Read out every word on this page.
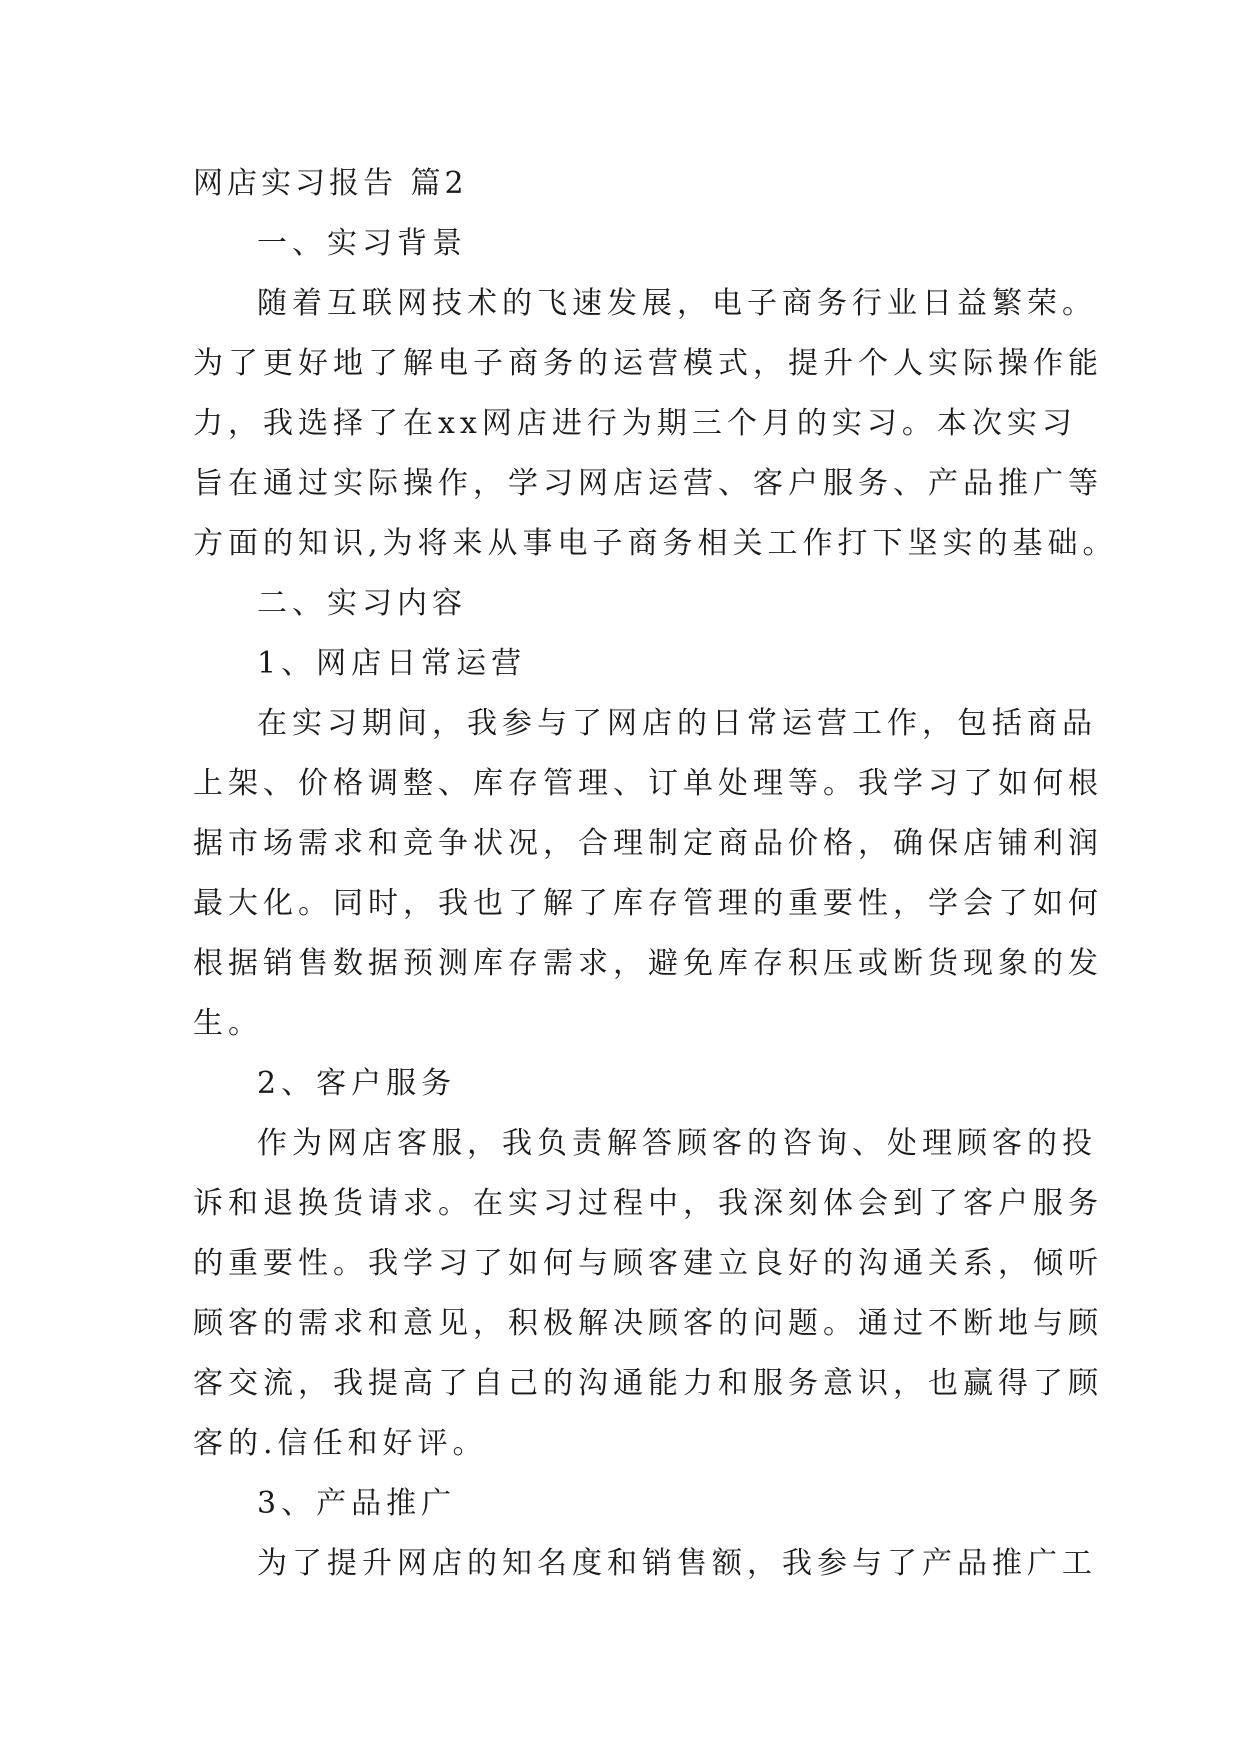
网店实习报告 篇2
一、实习背景
随着互联网技术的飞速发展，电子商务行业日益繁荣。
为了更好地了解电子商务的运营模式，提升个人实际操作能
力，我选择了在xx网店进行为期三个月的实习。本次实习
旨在通过实际操作，学习网店运营、客户服务、产品推广等
方面的知识,为将来从事电子商务相关工作打下坚实的基础。
二、实习内容
1、网店日常运营
在实习期间，我参与了网店的日常运营工作，包括商品
上架、价格调整、库存管理、订单处理等。我学习了如何根
据市场需求和竞争状况，合理制定商品价格，确保店铺利润
最大化。同时，我也了解了库存管理的重要性，学会了如何
根据销售数据预测库存需求，避免库存积压或断货现象的发
生。
2、客户服务
作为网店客服，我负责解答顾客的咨询、处理顾客的投
诉和退换货请求。在实习过程中，我深刻体会到了客户服务
的重要性。我学习了如何与顾客建立良好的沟通关系，倾听
顾客的需求和意见，积极解决顾客的问题。通过不断地与顾
客交流，我提高了自己的沟通能力和服务意识，也赢得了顾
客的.信任和好评。
3、产品推广
为了提升网店的知名度和销售额，我参与了产品推广工
